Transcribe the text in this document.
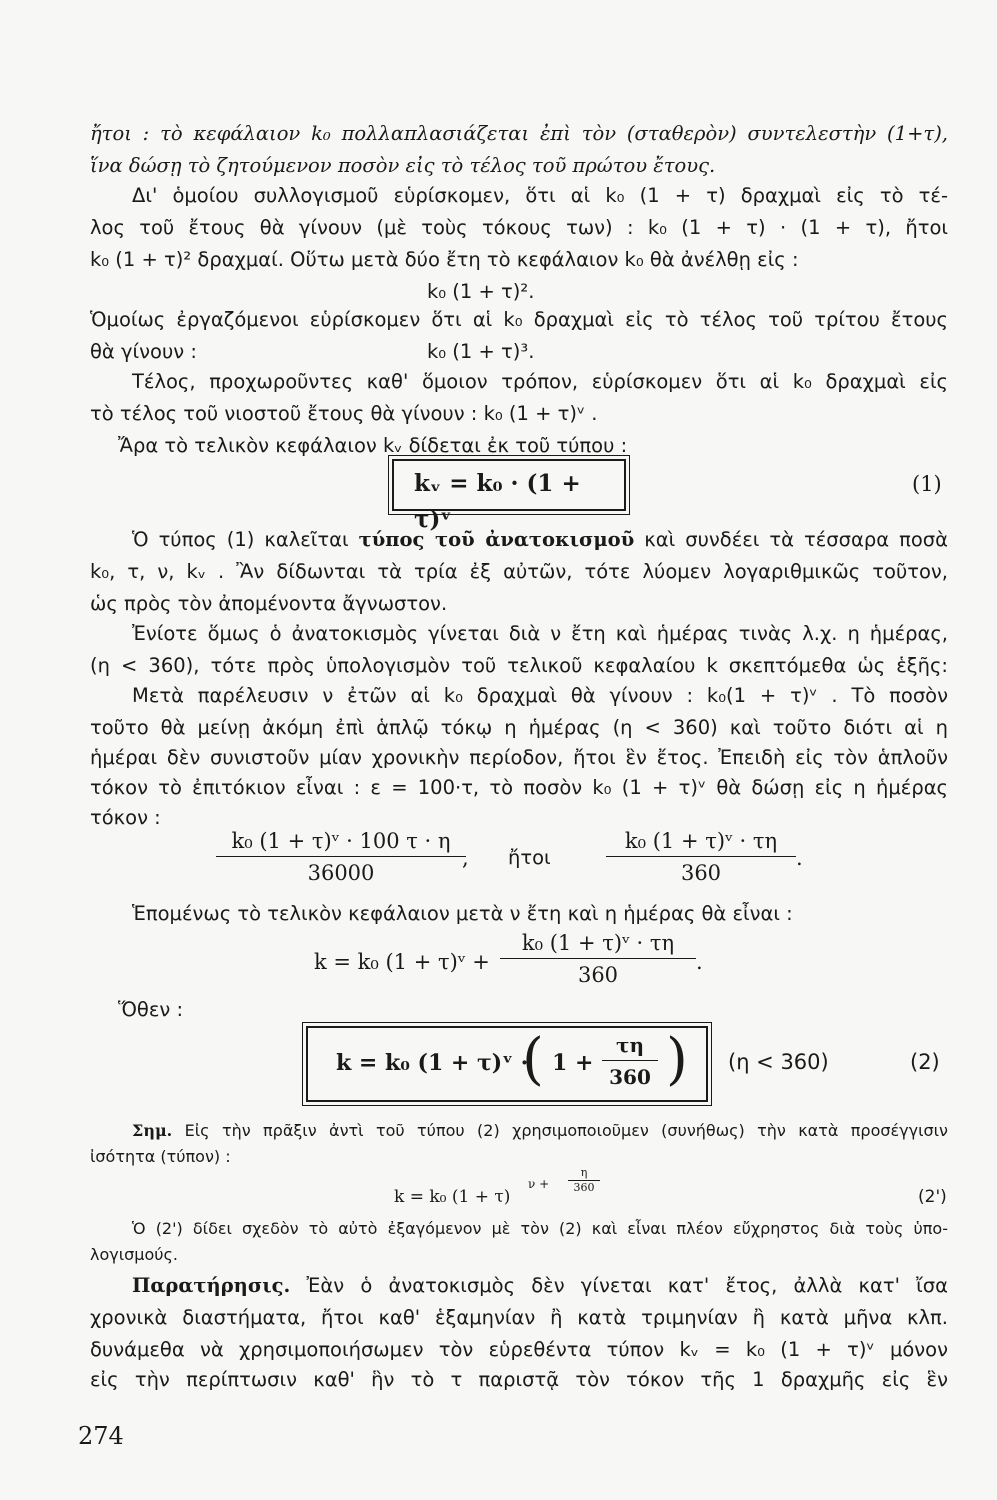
ἤτοι : τὸ κεφάλαιον k₀ πολλαπλασιάζεται ἐπὶ τὸν (σταθερὸν) συντελεστὴν (1+τ),
ἵνα δώσῃ τὸ ζητούμενον ποσὸν εἰς τὸ τέλος τοῦ πρώτου ἔτους.
Δι' ὁμοίου συλλογισμοῦ εὑρίσκομεν, ὅτι αἱ k₀ (1 + τ) δραχμαὶ εἰς τὸ τέ-
λος τοῦ ἔτους θὰ γίνουν (μὲ τοὺς τόκους των) : k₀ (1 + τ) · (1 + τ), ἤτοι
k₀ (1 + τ)² δραχμαί. Οὕτω μετὰ δύο ἔτη τὸ κεφάλαιον k₀ θὰ ἀνέλθῃ εἰς :
k₀ (1 + τ)².
Ὁμοίως ἐργαζόμενοι εὑρίσκομεν ὅτι αἱ k₀ δραχμαὶ εἰς τὸ τέλος τοῦ τρίτου ἔτους
θὰ γίνουν :	k₀ (1 + τ)³.
Τέλος, προχωροῦντες καθ' ὅμοιον τρόπον, εὑρίσκομεν ὅτι αἱ k₀ δραχμαὶ εἰς
τὸ τέλος τοῦ νιοστοῦ ἔτους θὰ γίνουν : k₀ (1 + τ)ᵛ .
Ἄρα τὸ τελικὸν κεφάλαιον kᵥ δίδεται ἐκ τοῦ τύπου :
kᵥ = k₀ · (1 + τ)ᵛ
(1)
Ὁ τύπος (1) καλεῖται τύπος τοῦ ἀνατοκισμοῦ καὶ συνδέει τὰ τέσσαρα ποσὰ
k₀, τ, ν, kᵥ . Ἂν δίδωνται τὰ τρία ἐξ αὐτῶν, τότε λύομεν λογαριθμικῶς τοῦτον,
ὡς πρὸς τὸν ἀπομένοντα ἄγνωστον.
Ἐνίοτε ὅμως ὁ ἀνατοκισμὸς γίνεται διὰ ν ἔτη καὶ ἡμέρας τινὰς λ.χ. η ἡμέρας,
(η < 360), τότε πρὸς ὑπολογισμὸν τοῦ τελικοῦ κεφαλαίου k σκεπτόμεθα ὡς ἑξῆς:
Μετὰ παρέλευσιν ν ἐτῶν αἱ k₀ δραχμαὶ θὰ γίνουν : k₀(1 + τ)ᵛ . Τὸ ποσὸν
τοῦτο θὰ μείνῃ ἀκόμη ἐπὶ ἁπλῷ τόκῳ η ἡμέρας (η < 360) καὶ τοῦτο διότι αἱ η
ἡμέραι δὲν συνιστοῦν μίαν χρονικὴν περίοδον, ἤτοι ἓν ἔτος. Ἐπειδὴ εἰς τὸν ἁπλοῦν
τόκον τὸ ἐπιτόκιον εἶναι : ε = 100·τ, τὸ ποσὸν k₀ (1 + τ)ᵛ θὰ δώσῃ εἰς η ἡμέρας
τόκον :
$\frac{\text{k₀ (1 + τ)ᵛ · 100 τ · η}}{36000}$
, ἤτοι	$\frac{\text{k₀ (1 + τ)ᵛ · τη}}{360}$ .
Ἑπομένως τὸ τελικὸν κεφάλαιον μετὰ ν ἔτη καὶ η ἡμέρας θὰ εἶναι :
k = k₀ (1 + τ)ᵛ + $\frac{\text{k₀ (1 + τ)ᵛ · τη}}{360}$ .
Ὅθεν :
k = k₀ (1 + τ)ᵛ ·
( $1 + \frac{\tau\eta}{360}$ ) (η < 360)	(2)
Σημ. Εἰς τὴν πρᾶξιν ἀντὶ τοῦ τύπου (2) χρησιμοποιοῦμεν (συνήθως) τὴν κατὰ προσέγγισιν
ἰσότητα (τύπον) :
k = k₀ (1 + τ)
$\nu + \frac{\eta}{360}$
(2')
Ὁ (2') δίδει σχεδὸν τὸ αὐτὸ ἐξαγόμενον μὲ τὸν (2) καὶ εἶναι πλέον εὔχρηστος διὰ τοὺς ὑπο-
λογισμούς.
Παρατήρησις. Ἐὰν ὁ ἀνατοκισμὸς δὲν γίνεται κατ' ἔτος, ἀλλὰ κατ' ἴσα
χρονικὰ διαστήματα, ἤτοι καθ' ἑξαμηνίαν ἢ κατὰ τριμηνίαν ἢ κατὰ μῆνα κλπ.
δυνάμεθα νὰ χρησιμοποιήσωμεν τὸν εὑρεθέντα τύπον kᵥ = k₀ (1 + τ)ᵛ μόνον
εἰς τὴν περίπτωσιν καθ' ἣν τὸ τ παριστᾷ τὸν τόκον τῆς 1 δραχμῆς εἰς ἓν
274
